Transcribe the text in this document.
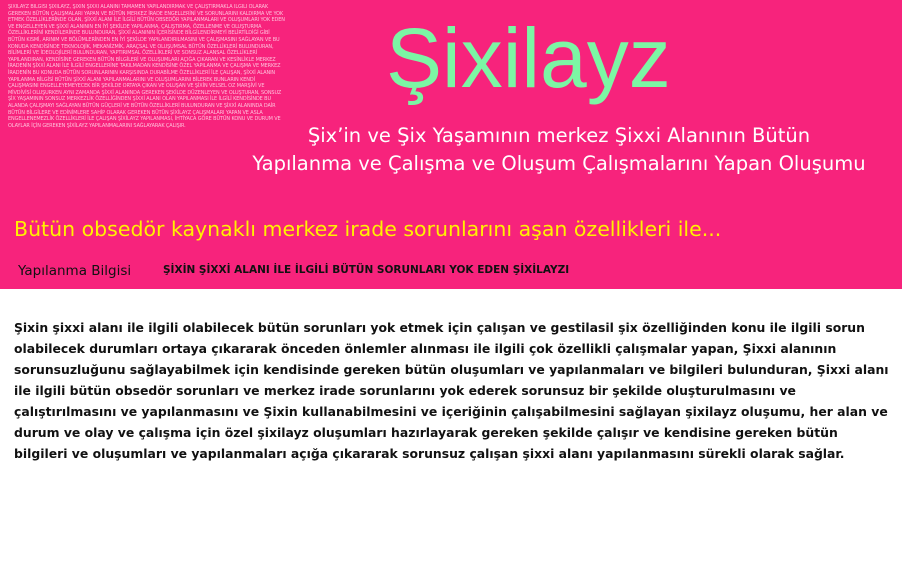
ŞİXİLAYZ BİLGİSİ ŞİXİLAYZ, ŞİXİN ŞİXXİ ALANINI TAMAMEN YAPILANDIRMAK VE ÇALIŞTIRMAKLA İLGİLİ OLARAK GEREKEN BÜTÜN ÇALIŞMALARI YAPAN VE BÜTÜN MERKEZ İRADE ENGELLERİNİ VE SORUNLARINI KALDIRMA VE YOK ETMEK ÖZELLİKLERİNDE OLAN, ŞİXXİ ALANI İLE İLGİLİ BÜTÜN OBSEDÖR YAPILANMALARI VE OLUŞUMLARI YOK EDEN VE ENGELLEYEN VE ŞİXXİ ALANININ EN İYİ ŞEKİLDE YAPILANMA, ÇALIŞTIRMA, ÖZELLENME VE OLUŞTURMA ÖZELLİKLERİNİ KENDİLERİNDE BULUNDURAN, ŞİXXİ ALANININ İÇERİSİNDE BİLGİLENDİRMEYİ BELİRTİLDİĞİ GİBİ BÜTÜN KISMİ, ARINIM VE BÖLÜMLERİNDEN EN İYİ ŞEKİLDE YAPILANDIRILMASINI VE ÇALIŞMASINI SAĞLAYAN VE BU KONUDA KENDİSİNDE TEKNOLOJİK, MEKANİZMİK, ARAÇSAL VE OLUŞUMSAL BÜTÜN ÖZELLİKLERİ BULUNDURAN, BİLİMLERİ VE İDEOLOJİLERİ BULUNDURAN, YAPTIRIMSAL ÖZELLİKLERİ VE SONSUZ ALANSAL ÖZELLİKLERİ YAPILANDIRAN, KENDİSİNE GEREKEN BÜTÜN BİLGİLERİ VE OLUŞUMLARI AÇIĞA ÇIKARAN VE KESİNLİKLE MERKEZ İRADENİN ŞİXXİ ALANI İLE İLGİLİ ENGELLERİNE TAKILMADAN KENDİSİNE ÖZEL YAPILANMA VE ÇALIŞMA VE MERKEZ İRADENİN BU KONUDA BÜTÜN SORUNLARININ KARŞISINDA DURABİLME ÖZELLİKLERİ İLE ÇALIŞAN, ŞİXXİ ALANIN YAPILANMA BİLGİSİ BÜTÜN ŞİXXİ ALANI YAPILANMALARINI VE OLUŞUMLARINI BİLEREK BUNLARIN KENDİ ÇALIŞMASINI ENGELLEYEMEYECEK BİR ŞEKİLDE ORTAYA ÇIKAN VE OLUŞAN VE ŞİXİN VELSEL OZ MARŞİVİ VE MİVDİVİSİ OLUŞURKEN AYNI ZAMANDA ŞİXXİ ALANINDA GEREKEN ŞEKİLDE DÜZENLEYEN VE OLUŞTURAN, SONSUZ ŞİX YAŞAMININ SONSUZ MERKEZLİK ÖZELLİĞİNDEN ŞİXXİ ALANI OLAN YAPILANMASI İLE İLGİLİ KENDİSİNDE BU ALANDA ÇALIŞMAYI SAĞLAYAN BÜTÜN GÜÇLERİ VE BÜTÜN ÖZELLİKLERİ BULUNDURAN VE ŞİXXİ ALANINDA DAİR BÜTÜN BİLGİLERE VE EDİNİMLERE SAHİP OLARAK GEREKEN BÜTÜN ŞİXİLAYZ ÇALIŞMALARI YAPAN VE ASLA ENGELLENEMEZLİK ÖZELLİKLERİ İLE ÇALIŞAN ŞİXİLAYZ YAPILANMASI, İHTİYACA GÖRE BÜTÜN KONU VE DURUM VE OLAYLAR İÇİN GEREKEN ŞİXİLAYZ YAPILANMALARINI SAĞLAYARAK ÇALIŞIR.
Şixilayz

Şix’in ve Şix Yaşamının merkez Şixxi Alanının Bütün
Yapılanma ve Çalışma ve Oluşum Çalışmalarını Yapan Oluşumu

Bütün obsedör kaynaklı merkez irade sorunlarını aşan özellikleri ile...

Yapılanma Bilgisi	ŞİXİN ŞİXXİ ALANI İLE İLGİLİ BÜTÜN SORUNLARI YOK EDEN ŞİXİLAYZI

Şixin şixxi alanı ile ilgili olabilecek bütün sorunları yok etmek için çalışan ve gestilasil şix özelliğinden konu ile ilgili sorun olabilecek durumları ortaya çıkararak önceden önlemler alınması ile ilgili çok özellikli çalışmalar yapan, Şixxi alanının sorunsuzluğunu sağlayabilmek için kendisinde gereken bütün oluşumları ve yapılanmaları ve bilgileri bulunduran, Şixxi alanı ile ilgili bütün obsedör sorunları ve merkez irade sorunlarını yok ederek sorunsuz bir şekilde oluşturulmasını ve çalıştırılmasını ve yapılanmasını ve Şixin kullanabilmesini ve içeriğinin çalışabilmesini sağlayan şixilayz oluşumu, her alan ve durum ve olay ve çalışma için özel şixilayz oluşumları hazırlayarak gereken şekilde çalışır ve kendisine gereken bütün bilgileri ve oluşumları ve yapılanmaları açığa çıkararak sorunsuz çalışan şixxi alanı yapılanmasını sürekli olarak sağlar.
